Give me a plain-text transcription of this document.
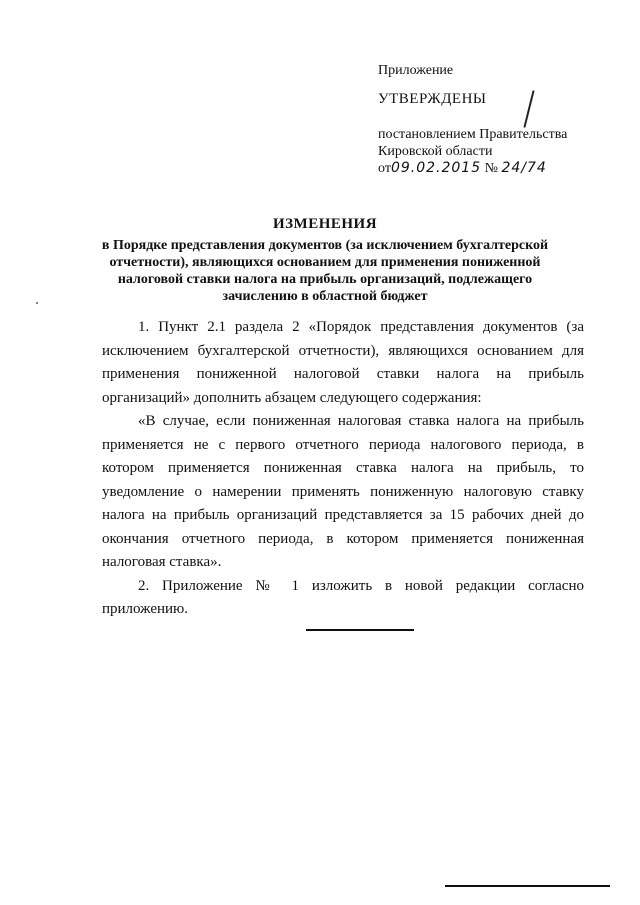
Приложение

УТВЕРЖДЕНЫ

постановлением Правительства

Кировской области

от09.02.2015 № 24/74

ИЗМЕНЕНИЯ

в Порядке представления документов (за исключением бухгалтерской

отчетности), являющихся основанием для применения пониженной

налоговой ставки налога на прибыль организаций, подлежащего

зачислению в областной бюджет

1. Пункт 2.1 раздела 2 «Порядок представления документов (за исключением бухгалтерской отчетности), являющихся основанием для применения пониженной налоговой ставки налога на прибыль организаций» дополнить абзацем следующего содержания:

«В случае, если пониженная налоговая ставка налога на прибыль применяется не с первого отчетного периода налогового периода, в котором применяется пониженная ставка налога на прибыль, то уведомление о намерении применять пониженную налоговую ставку налога на прибыль организаций представляется за 15 рабочих дней до окончания отчетного периода, в котором применяется пониженная налоговая ставка».

2. Приложение № 1 изложить в новой редакции согласно приложению.
